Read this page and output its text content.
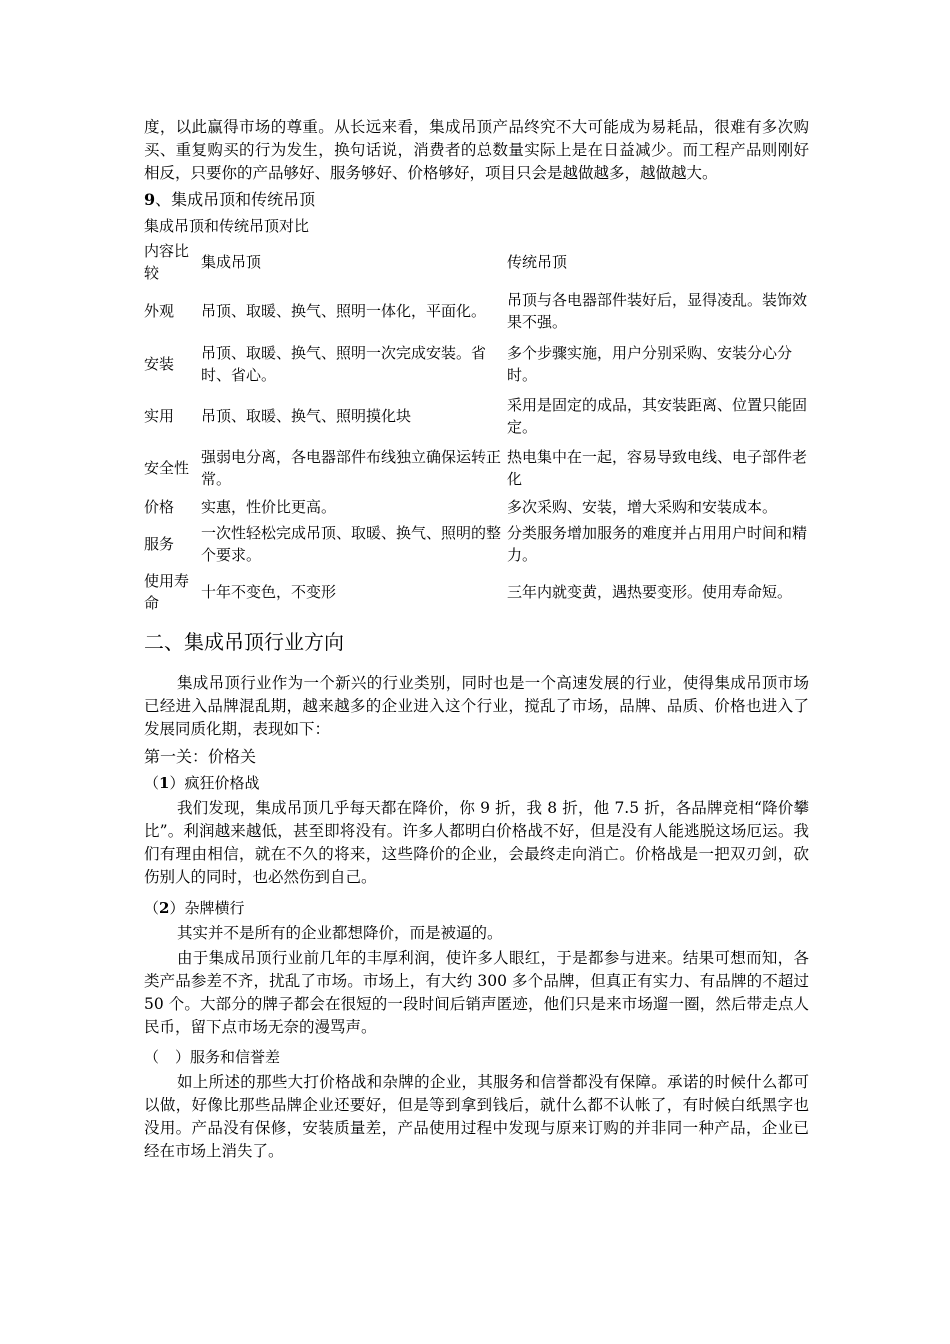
度，以此赢得市场的尊重。从长远来看，集成吊顶产品终究不大可能成为易耗品，很难有多次购买、重复购买的行为发生，换句话说，消费者的总数量实际上是在日益减少。而工程产品则刚好相反，只要你的产品够好、服务够好、价格够好，项目只会是越做越多，越做越大。

9、集成吊顶和传统吊顶

集成吊顶和传统吊顶对比
内容比较	集成吊顶	传统吊顶
外观	吊顶、取暖、换气、照明一体化，平面化。	吊顶与各电器部件装好后，显得凌乱。装饰效果不强。
安装	吊顶、取暖、换气、照明一次完成安装。省时、省心。	多个步骤实施，用户分别采购、安装分心分时。
实用	吊顶、取暖、换气、照明摸化块	采用是固定的成品，其安装距离、位置只能固定。
安全性	强弱电分离，各电器部件布线独立确保运转正常。	热电集中在一起，容易导致电线、电子部件老化
价格	实惠，性价比更高。	多次采购、安装，增大采购和安装成本。
服务	一次性轻松完成吊顶、取暖、换气、照明的整个要求。	分类服务增加服务的难度并占用用户时间和精力。
使用寿命	十年不变色，不变形	三年内就变黄，遇热要变形。使用寿命短。
二、集成吊顶行业方向

集成吊顶行业作为一个新兴的行业类别，同时也是一个高速发展的行业，使得集成吊顶市场已经进入品牌混乱期，越来越多的企业进入这个行业，搅乱了市场，品牌、品质、价格也进入了发展同质化期，表现如下：

第一关：价格关

（1）疯狂价格战

我们发现，集成吊顶几乎每天都在降价，你 9 折，我 8 折，他 7.5 折，各品牌竞相“降价攀比”。利润越来越低，甚至即将没有。许多人都明白价格战不好，但是没有人能逃脱这场厄运。我们有理由相信，就在不久的将来，这些降价的企业，会最终走向消亡。价格战是一把双刃剑，砍伤别人的同时，也必然伤到自己。

（2）杂牌横行

其实并不是所有的企业都想降价，而是被逼的。

由于集成吊顶行业前几年的丰厚利润，使许多人眼红，于是都参与进来。结果可想而知，各类产品参差不齐，扰乱了市场。市场上，有大约 300 多个品牌，但真正有实力、有品牌的不超过 50 个。大部分的牌子都会在很短的一段时间后销声匿迹，他们只是来市场遛一圈，然后带走点人民币，留下点市场无奈的漫骂声。

（ ）服务和信誉差

如上所述的那些大打价格战和杂牌的企业，其服务和信誉都没有保障。承诺的时候什么都可以做，好像比那些品牌企业还要好，但是等到拿到钱后，就什么都不认帐了，有时候白纸黑字也没用。产品没有保修，安装质量差，产品使用过程中发现与原来订购的并非同一种产品，企业已经在市场上消失了。
